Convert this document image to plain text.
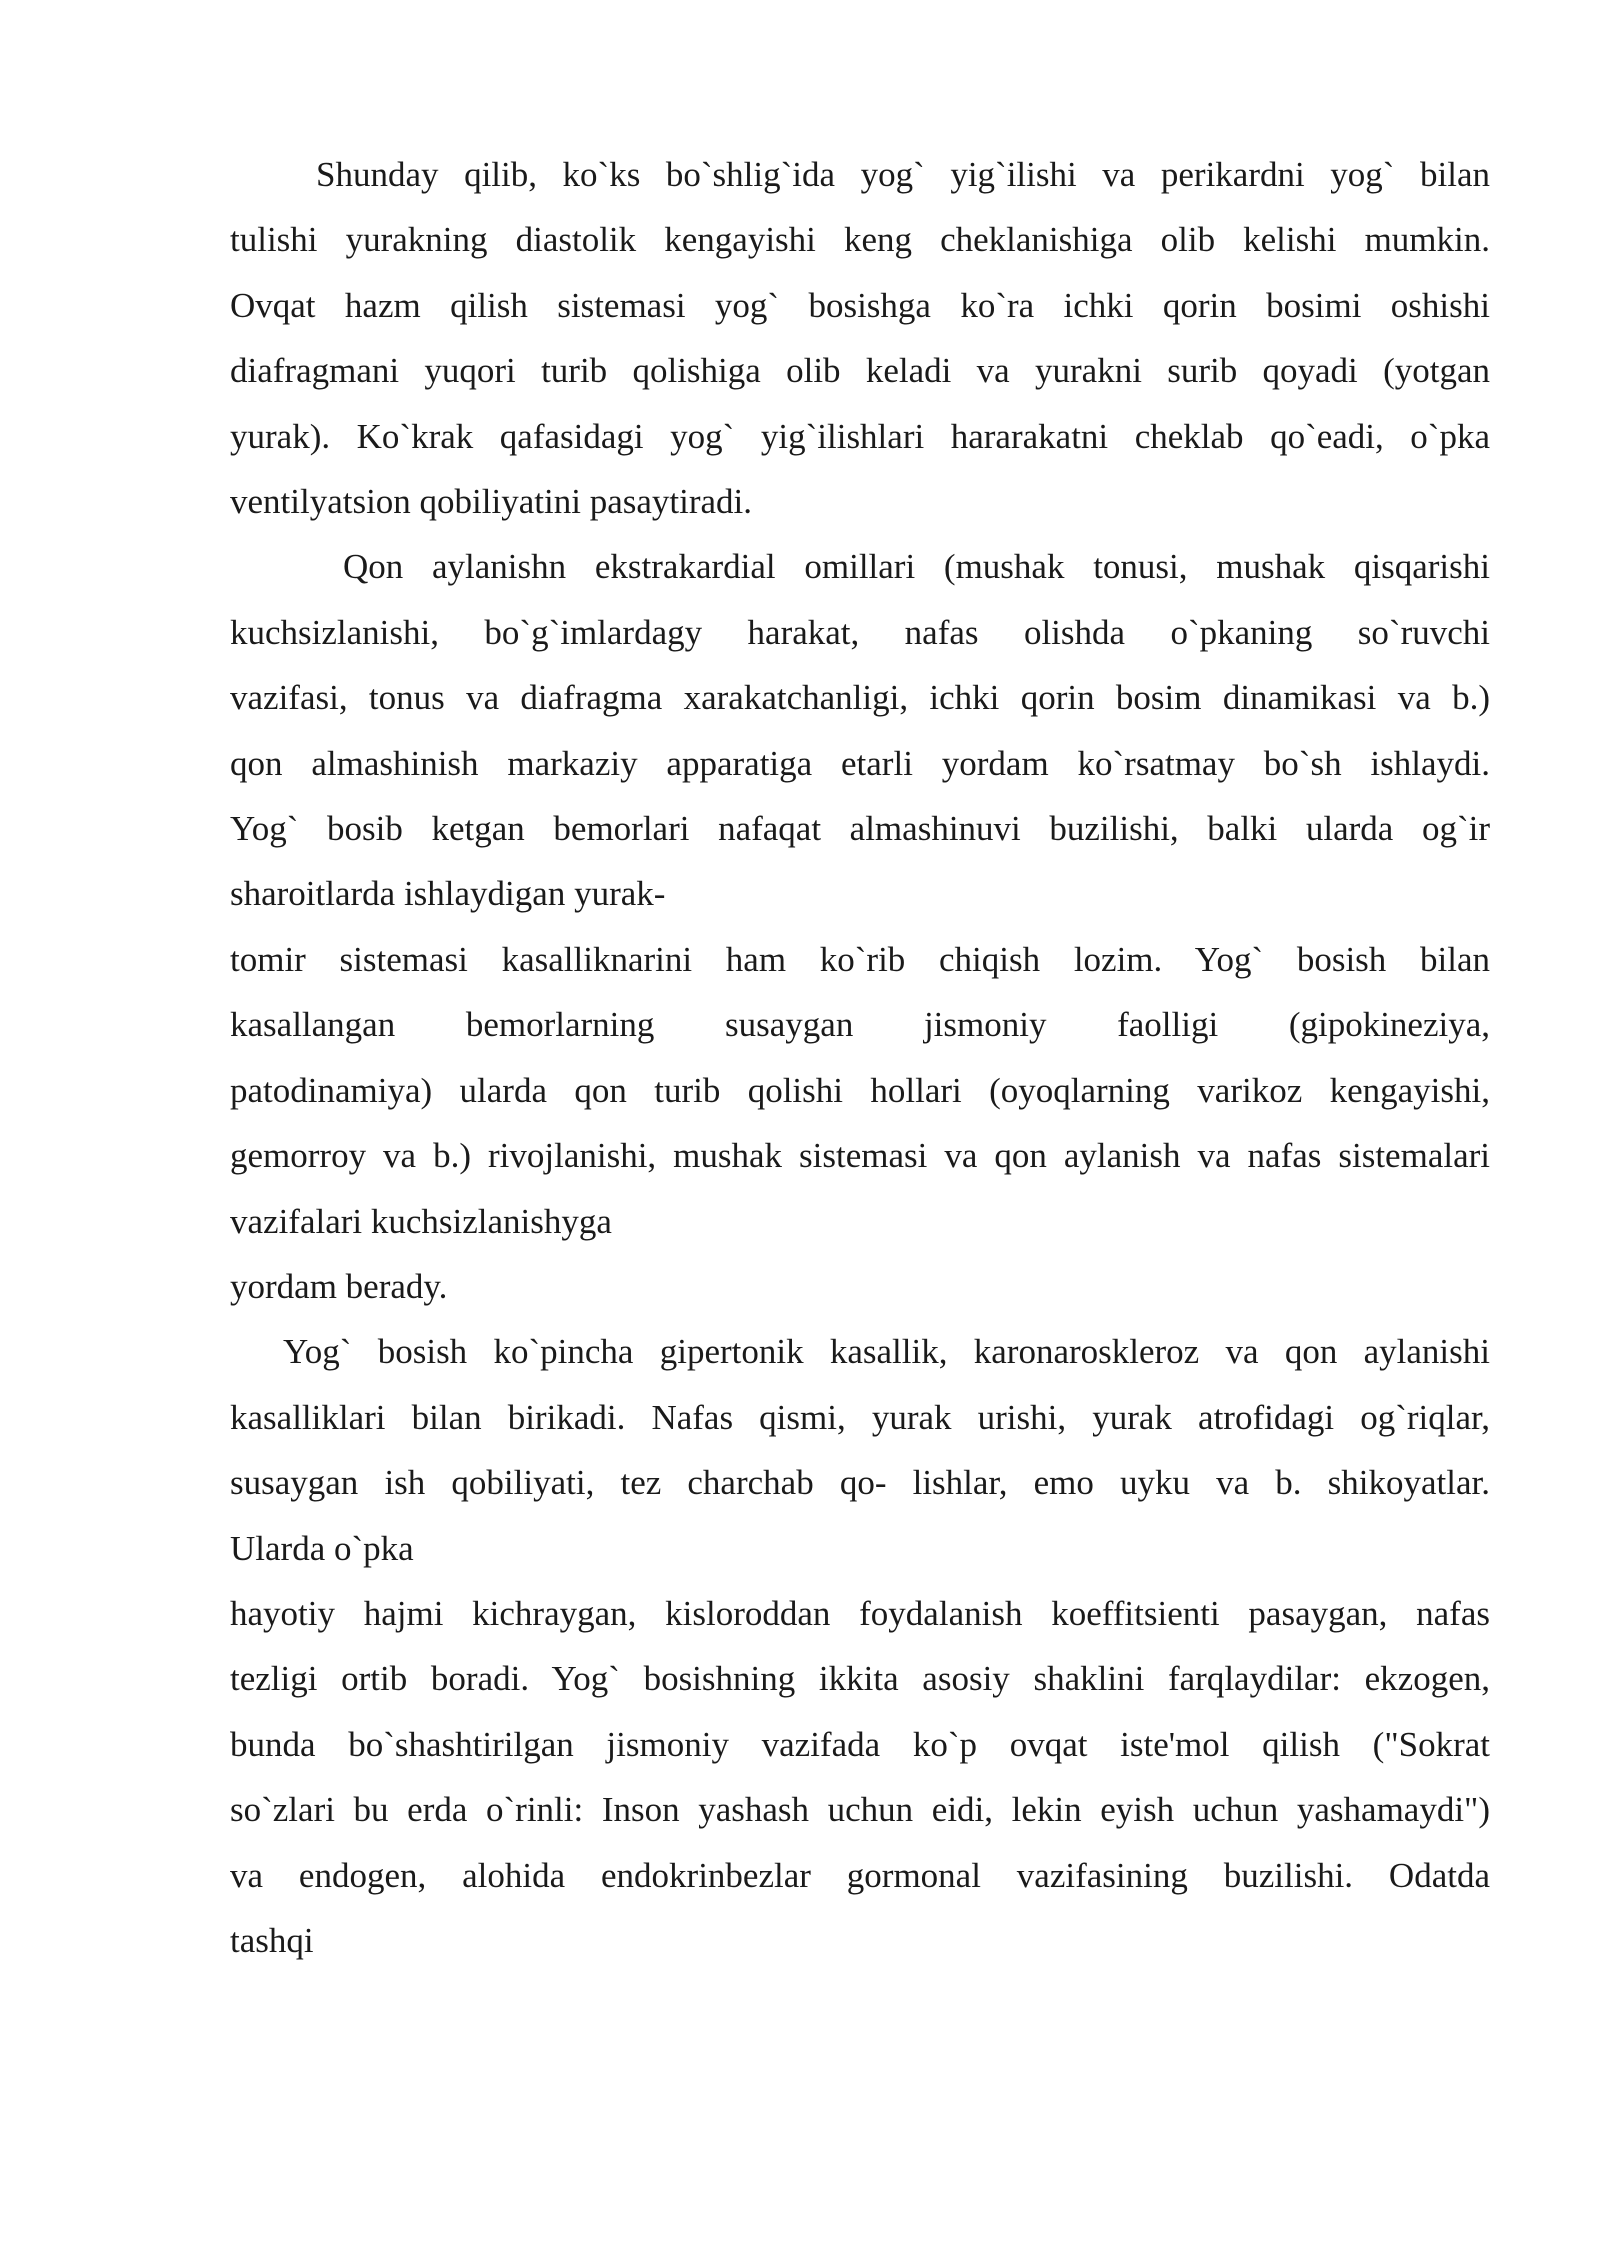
Shunday qilib, ko`ks bo`shlig`ida yog` yig`ilishi va perikardni yog` bilan
tulishi yurakning diastolik kengayishi keng cheklanishiga olib kelishi mumkin.
Ovqat hazm qilish sistemasi yog` bosishga ko`ra ichki qorin bosimi oshishi
diafragmani yuqori turib qolishiga olib keladi va yurakni surib qoyadi (yotgan
yurak). Ko`krak qafasidagi yog` yig`ilishlari hararakatni cheklab qo`eadi, o`pka
ventilyatsion qobiliyatini pasaytiradi.
Qon aylanishn ekstrakardial omillari (mushak tonusi, mushak qisqarishi
kuchsizlanishi, bo`g`imlardagy harakat, nafas olishda o`pkaning so`ruvchi
vazifasi, tonus va diafragma xarakatchanligi, ichki qorin bosim dinamikasi va b.)
qon almashinish markaziy apparatiga etarli yordam ko`rsatmay bo`sh ishlaydi.
Yog` bosib ketgan bemorlari nafaqat almashinuvi buzilishi, balki ularda og`ir
sharoitlarda ishlaydigan yurak-
tomir sistemasi kasalliknarini ham ko`rib chiqish lozim. Yog` bosish bilan
kasallangan bemorlarning susaygan jismoniy faolligi (gipokineziya,
patodinamiya) ularda qon turib qolishi hollari (oyoqlarning varikoz kengayishi,
gemorroy va b.) rivojlanishi, mushak sistemasi va qon aylanish va nafas sistemalari
vazifalari kuchsizlanishyga
yordam berady.
Yog` bosish ko`pincha gipertonik kasallik, karonaroskleroz va qon aylanishi
kasalliklari bilan birikadi. Nafas qismi, yurak urishi, yurak atrofidagi og`riqlar,
susaygan ish qobiliyati, tez charchab qo- lishlar, emo uyku va b. shikoyatlar.
Ularda o`pka
hayotiy hajmi kichraygan, kisloroddan foydalanish koeffitsienti pasaygan, nafas
tezligi ortib boradi. Yog` bosishning ikkita asosiy shaklini farqlaydilar: ekzogen,
bunda bo`shashtirilgan jismoniy vazifada ko`p ovqat iste'mol qilish ("Sokrat
so`zlari bu erda o`rinli: Inson yashash uchun eidi, lekin eyish uchun yashamaydi")
va endogen, alohida endokrinbezlar gormonal vazifasining buzilishi. Odatda
tashqi
